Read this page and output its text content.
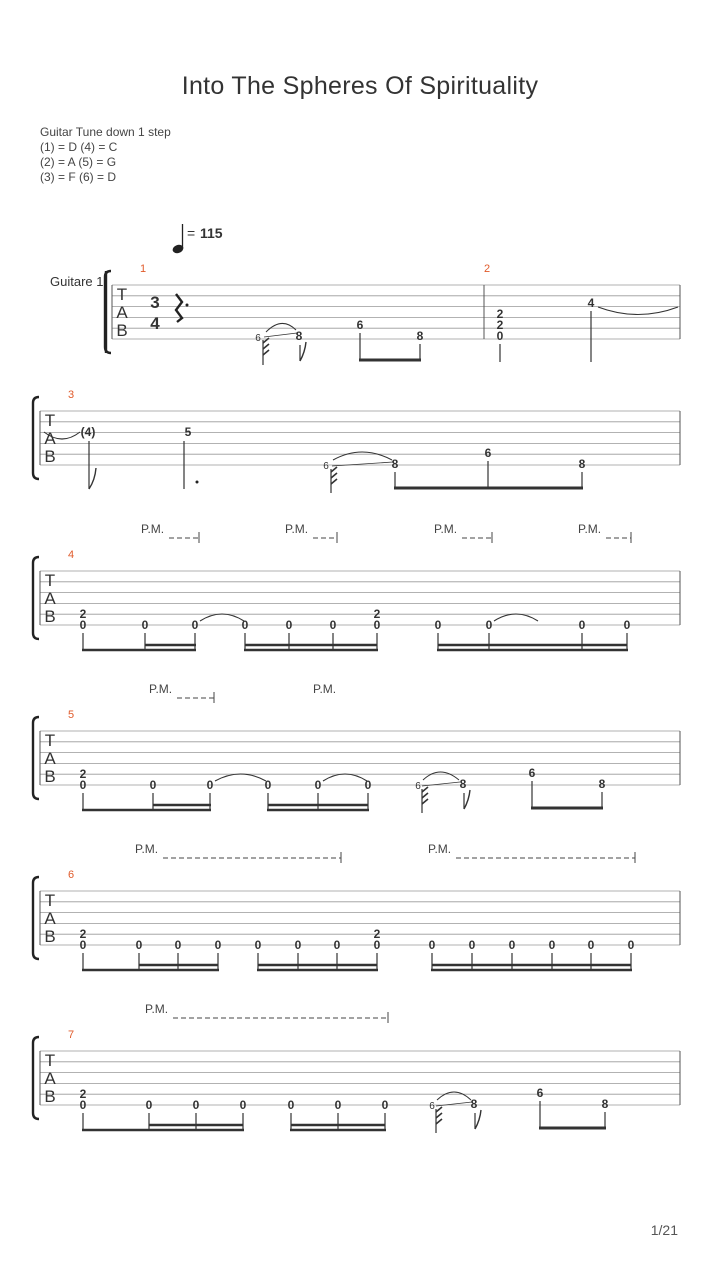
Into The Spheres Of Spirituality
Guitar Tune down 1 step
(1) = D (4) = C
(2) = A (5) = G
(3) = F (6) = D
= 115
Guitare 1
T
A
B
1
3
4
2
6	8
6
8
2
2
0
4
T
A
B
3
(4)	5
6	8
6
8
T
A
B
4
P.M.	P.M.	P.M.	P.M.
0	0	0	0	0	0	0	0	0	0	0
2	2
T
A
B
5
P.M.	P.M.
0	0	0	0	0	0
2
6	8
6
8
T
A
B
6
P.M.	P.M.
0	0	0	0	0	0	0	0	0	0	0	0	0	0
2	2
T
A
B
7
P.M.
0	0	0	0	0	0	0
2
6	8
6
8
1/21
